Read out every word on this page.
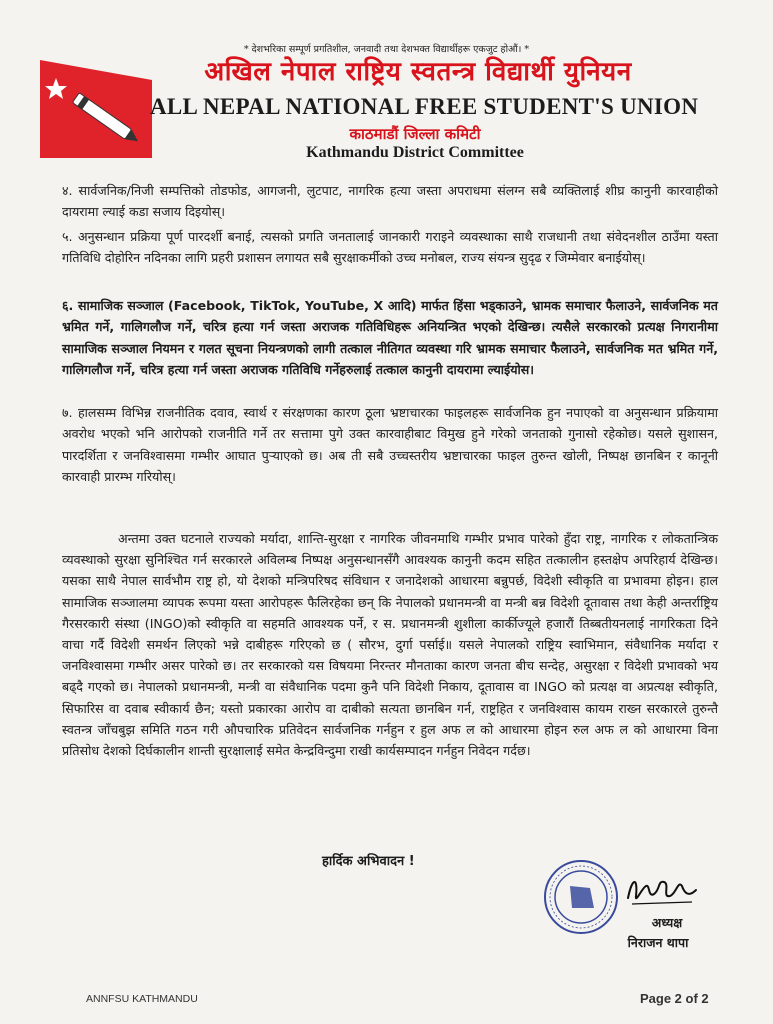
* देशभरिका सम्पूर्ण प्रगतिशील, जनवादी तथा देशभक्त विद्यार्थीहरू एकजुट होऔं। *
अखिल नेपाल राष्ट्रिय स्वतन्त्र विद्यार्थी युनियन
ALL NEPAL NATIONAL FREE STUDENT'S UNION
काठमाडौं जिल्ला कमिटी
Kathmandu District Committee

४. सार्वजनिक/निजी सम्पत्तिको तोडफोड, आगजनी, लुटपाट, नागरिक हत्या जस्ता अपराधमा संलग्न सबै व्यक्तिलाई शीघ्र कानुनी कारवाहीको दायरामा ल्याई कडा सजाय दिइयोस्।

५. अनुसन्धान प्रक्रिया पूर्ण पारदर्शी बनाई, त्यसको प्रगति जनतालाई जानकारी गराइने व्यवस्थाका साथै राजधानी तथा संवेदनशील ठाउँमा यस्ता गतिविधि दोहोरिन नदिनका लागि प्रहरी प्रशासन लगायत सबै सुरक्षाकर्मीको उच्च मनोबल, राज्य संयन्त्र सुदृढ र जिम्मेवार बनाईयोस्।

६. सामाजिक सञ्जाल (Facebook, TikTok, YouTube, X आदि) मार्फत हिंसा भड्काउने, भ्रामक समाचार फैलाउने, सार्वजनिक मत भ्रमित गर्ने, गालिगलौज गर्ने, चरित्र हत्या गर्न जस्ता अराजक गतिविधिहरू अनियन्त्रित भएको देखिन्छ। त्यसैले सरकारको प्रत्यक्ष निगरानीमा सामाजिक सञ्जाल नियमन र गलत सूचना नियन्त्रणको लागी तत्काल नीतिगत व्यवस्था गरि भ्रामक समाचार फैलाउने, सार्वजनिक मत भ्रमित गर्ने, गालिगलौज गर्ने, चरित्र हत्या गर्न जस्ता अराजक गतिविधि गर्नेहरुलाई तत्काल कानुनी दायरामा ल्याईयोस।

७. हालसम्म विभिन्न राजनीतिक दवाव, स्वार्थ र संरक्षणका कारण ठूला भ्रष्टाचारका फाइलहरू सार्वजनिक हुन नपाएको वा अनुसन्धान प्रक्रियामा अवरोध भएको भनि आरोपको राजनीति गर्ने तर सत्तामा पुगे उक्त कारवाहीबाट विमुख हुने गरेको जनताको गुनासो रहेकोछ। यसले सुशासन, पारदर्शिता र जनविश्वासमा गम्भीर आघात पुऱ्याएको छ। अब ती सबै उच्चस्तरीय भ्रष्टाचारका फाइल तुरुन्त खोली, निष्पक्ष छानबिन र कानूनी कारवाही प्रारम्भ गरियोस्।

अन्तमा उक्त घटनाले राज्यको मर्यादा, शान्ति-सुरक्षा र नागरिक जीवनमाथि गम्भीर प्रभाव पारेको हुँदा राष्ट्र, नागरिक र लोकतान्त्रिक व्यवस्थाको सुरक्षा सुनिश्चित गर्न सरकारले अविलम्ब निष्पक्ष अनुसन्धानसँगै आवश्यक कानुनी कदम सहित तत्कालीन हस्तक्षेप अपरिहार्य देखिन्छ। यसका साथै नेपाल सार्वभौम राष्ट्र हो, यो देशको मन्त्रिपरिषद संविधान र जनादेशको आधारमा बन्नुपर्छ, विदेशी स्वीकृति वा प्रभावमा होइन। हाल सामाजिक सञ्जालमा व्यापक रूपमा यस्ता आरोपहरू फैलिरहेका छन् कि नेपालको प्रधानमन्त्री वा मन्त्री बन्न विदेशी दूतावास तथा केही अन्तर्राष्ट्रिय गैरसरकारी संस्था (INGO)को स्वीकृति वा सहमति आवश्यक पर्ने, र स. प्रधानमन्त्री शुशीला कार्कीज्यूले हजारौं तिब्बतीयनलाई नागरिकता दिने वाचा गर्दै विदेशी समर्थन लिएको भन्ने दाबीहरू गरिएको छ ( सौरभ, दुर्गा पर्साई॥ यसले नेपालको राष्ट्रिय स्वाभिमान, संवैधानिक मर्यादा र जनविश्वासमा गम्भीर असर पारेको छ। तर सरकारको यस विषयमा निरन्तर मौनताका कारण जनता बीच सन्देह, असुरक्षा र विदेशी प्रभावको भय बढ्दै गएको छ। नेपालको प्रधानमन्त्री, मन्त्री वा संवैधानिक पदमा कुनै पनि विदेशी निकाय, दूतावास वा INGO को प्रत्यक्ष वा अप्रत्यक्ष स्वीकृति, सिफारिस वा दवाब स्वीकार्य छैन; यस्तो प्रकारका आरोप वा दाबीको सत्यता छानबिन गर्न, राष्ट्रहित र जनविश्वास कायम राख्न सरकारले तुरुन्तै स्वतन्त्र जाँचबुझ समिति गठन गरी औपचारिक प्रतिवेदन सार्वजनिक गर्नहुन र हुल अफ ल को आधारमा होइन रुल अफ ल को आधारमा विना प्रतिसोध देशको दिर्घकालीन शान्ती सुरक्षालाई समेत केन्द्रविन्दुमा राखी कार्यसम्पादन गर्नहुन निवेदन गर्दछ।

हार्दिक अभिवादन !
अध्यक्ष
निराजन थापा
ANNFSU KATHMANDU	Page 2 of 2
